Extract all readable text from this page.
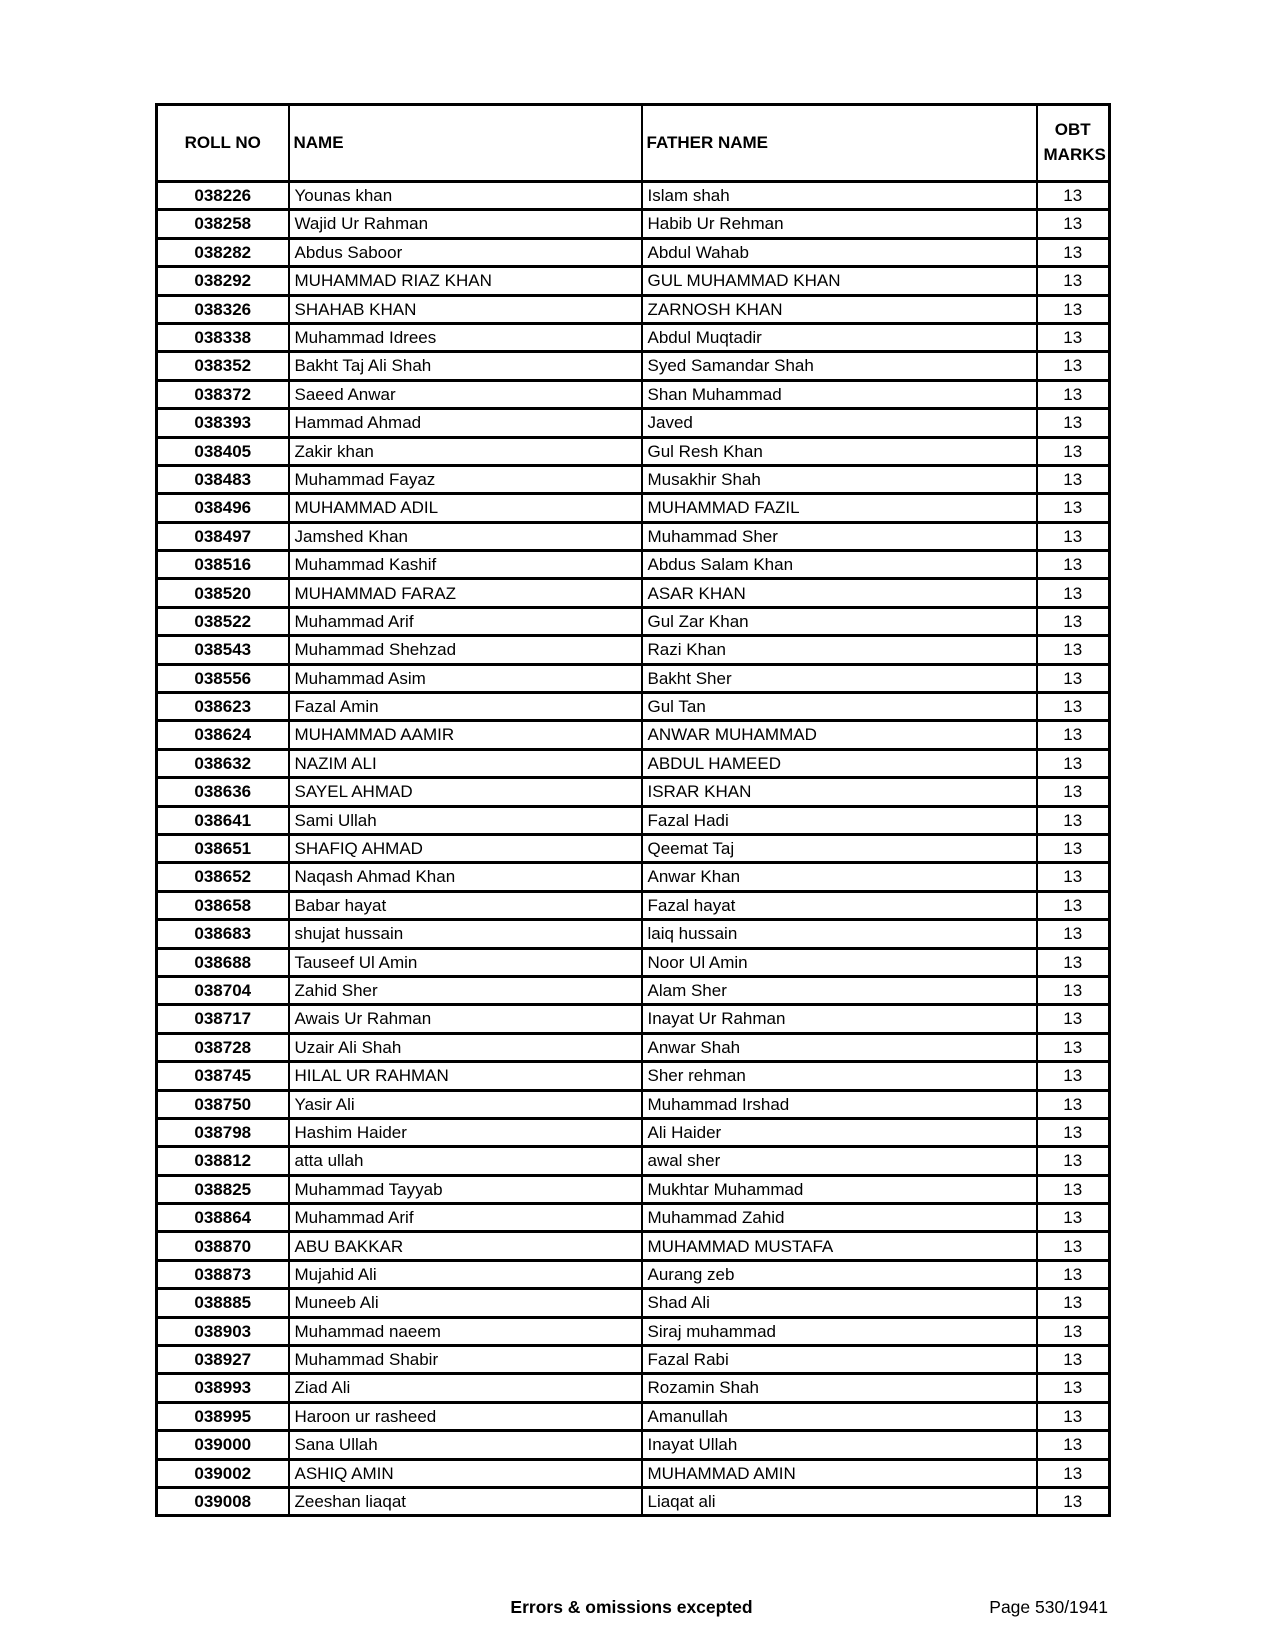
ROLL NO	NAME	FATHER NAME	OBT MARKS
038226	Younas khan	Islam shah	13
038258	Wajid Ur Rahman	Habib Ur Rehman	13
038282	Abdus Saboor	Abdul Wahab	13
038292	MUHAMMAD RIAZ KHAN	GUL MUHAMMAD KHAN	13
038326	SHAHAB KHAN	ZARNOSH KHAN	13
038338	Muhammad Idrees	Abdul Muqtadir	13
038352	Bakht Taj Ali Shah	Syed Samandar Shah	13
038372	Saeed Anwar	Shan Muhammad	13
038393	Hammad Ahmad	Javed	13
038405	Zakir khan	Gul Resh Khan	13
038483	Muhammad Fayaz	Musakhir Shah	13
038496	MUHAMMAD ADIL	MUHAMMAD FAZIL	13
038497	Jamshed Khan	Muhammad Sher	13
038516	Muhammad Kashif	Abdus Salam Khan	13
038520	MUHAMMAD FARAZ	ASAR KHAN	13
038522	Muhammad Arif	Gul Zar Khan	13
038543	Muhammad Shehzad	Razi Khan	13
038556	Muhammad Asim	Bakht Sher	13
038623	Fazal Amin	Gul Tan	13
038624	MUHAMMAD AAMIR	ANWAR MUHAMMAD	13
038632	NAZIM ALI	ABDUL HAMEED	13
038636	SAYEL AHMAD	ISRAR KHAN	13
038641	Sami Ullah	Fazal Hadi	13
038651	SHAFIQ AHMAD	Qeemat Taj	13
038652	Naqash Ahmad Khan	Anwar Khan	13
038658	Babar hayat	Fazal hayat	13
038683	shujat hussain	laiq hussain	13
038688	Tauseef Ul Amin	Noor Ul Amin	13
038704	Zahid Sher	Alam Sher	13
038717	Awais Ur Rahman	Inayat Ur Rahman	13
038728	Uzair Ali Shah	Anwar Shah	13
038745	HILAL UR RAHMAN	Sher rehman	13
038750	Yasir Ali	Muhammad Irshad	13
038798	Hashim Haider	Ali Haider	13
038812	atta ullah	awal sher	13
038825	Muhammad Tayyab	Mukhtar Muhammad	13
038864	Muhammad Arif	Muhammad Zahid	13
038870	ABU BAKKAR	MUHAMMAD MUSTAFA	13
038873	Mujahid Ali	Aurang zeb	13
038885	Muneeb Ali	Shad Ali	13
038903	Muhammad naeem	Siraj muhammad	13
038927	Muhammad Shabir	Fazal Rabi	13
038993	Ziad Ali	Rozamin Shah	13
038995	Haroon ur rasheed	Amanullah	13
039000	Sana Ullah	Inayat Ullah	13
039002	ASHIQ AMIN	MUHAMMAD AMIN	13
039008	Zeeshan liaqat	Liaqat ali	13
Errors & omissions excepted	Page 530/1941
